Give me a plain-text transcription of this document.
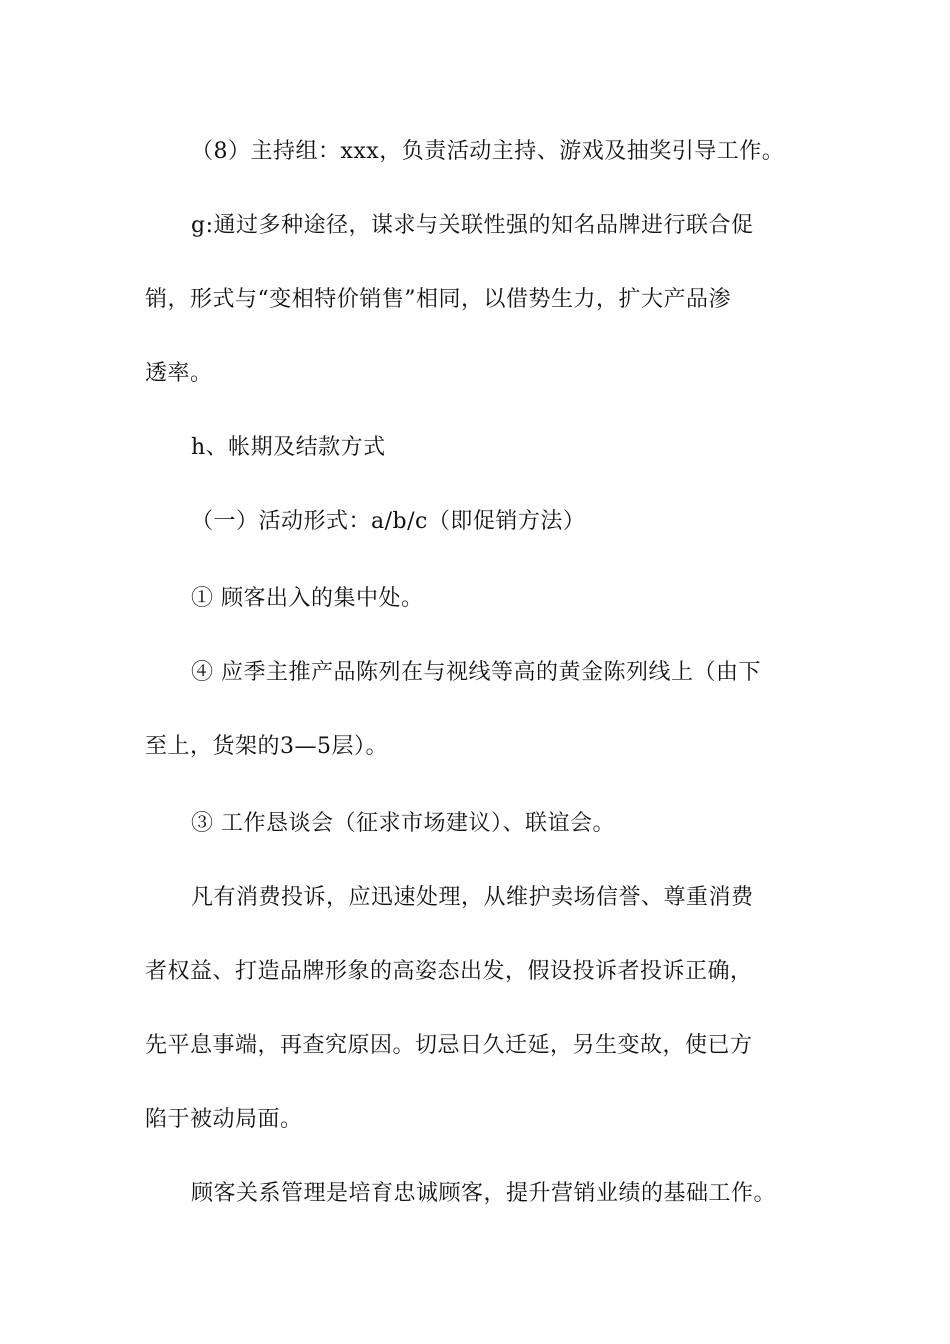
（8）主持组：xxx，负责活动主持、游戏及抽奖引导工作。
g:通过多种途径，谋求与关联性强的知名品牌进行联合促
销，形式与“变相特价销售”相同，以借势生力，扩大产品渗
透率。
h、帐期及结款方式
（一）活动形式：a/b/c（即促销方法）
① 顾客出入的集中处。
④ 应季主推产品陈列在与视线等高的黄金陈列线上（由下
至上，货架的3—5层）。
③ 工作恳谈会（征求市场建议）、联谊会。
凡有消费投诉，应迅速处理，从维护卖场信誉、尊重消费
者权益、打造品牌形象的高姿态出发，假设投诉者投诉正确，
先平息事端，再查究原因。切忌日久迁延，另生变故，使已方
陷于被动局面。
顾客关系管理是培育忠诚顾客，提升营销业绩的基础工作。
